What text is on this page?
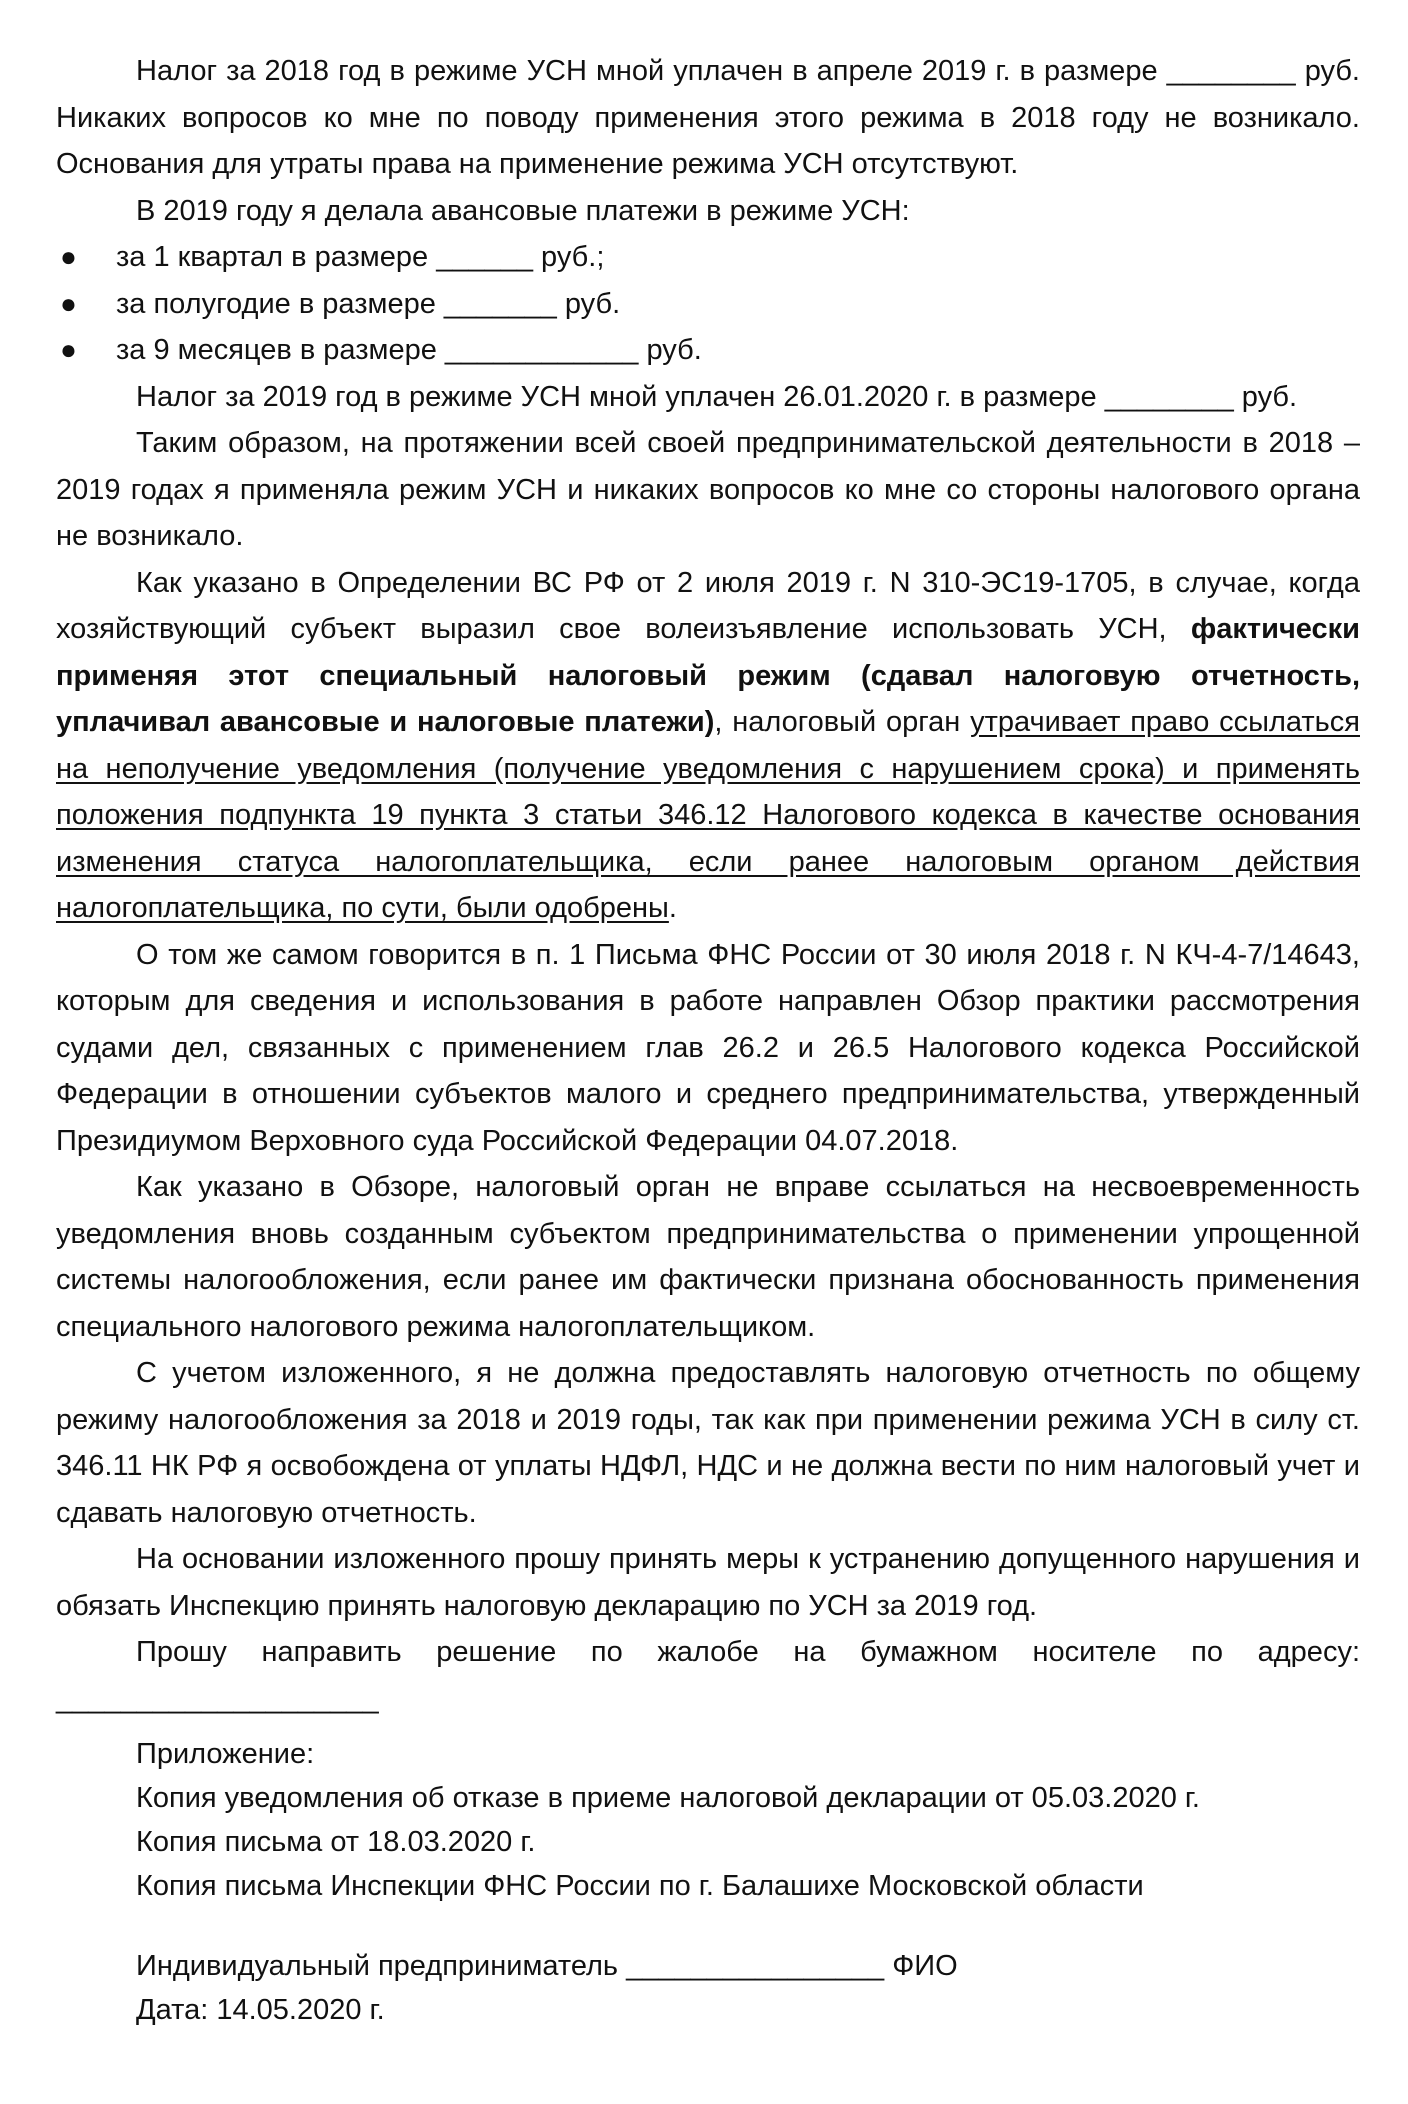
Налог за 2018 год в режиме УСН мной уплачен в апреле 2019 г. в размере ________ руб. Никаких вопросов ко мне по поводу применения этого режима в 2018 году не возникало. Основания для утраты права на применение режима УСН отсутствуют.

В 2019 году я делала авансовые платежи в режиме УСН:

● за 1 квартал в размере ______ руб.;
● за полугодие в размере _______ руб.
● за 9 месяцев в размере ____________ руб.

Налог за 2019 год в режиме УСН мной уплачен 26.01.2020 г. в размере ________ руб.

Таким образом, на протяжении всей своей предпринимательской деятельности в 2018 – 2019 годах я применяла режим УСН и никаких вопросов ко мне со стороны налогового органа не возникало.

Как указано в Определении ВС РФ от 2 июля 2019 г. N 310-ЭС19-1705, в случае, когда хозяйствующий субъект выразил свое волеизъявление использовать УСН, фактически применяя этот специальный налоговый режим (сдавал налоговую отчетность, уплачивал авансовые и налоговые платежи), налоговый орган утрачивает право ссылаться на неполучение уведомления (получение уведомления с нарушением срока) и применять положения подпункта 19 пункта 3 статьи 346.12 Налогового кодекса в качестве основания изменения статуса налогоплательщика, если ранее налоговым органом действия налогоплательщика, по сути, были одобрены.

О том же самом говорится в п. 1 Письма ФНС России от 30 июля 2018 г. N КЧ-4-7/14643, которым для сведения и использования в работе направлен Обзор практики рассмотрения судами дел, связанных с применением глав 26.2 и 26.5 Налогового кодекса Российской Федерации в отношении субъектов малого и среднего предпринимательства, утвержденный Президиумом Верховного суда Российской Федерации 04.07.2018.

Как указано в Обзоре, налоговый орган не вправе ссылаться на несвоевременность уведомления вновь созданным субъектом предпринимательства о применении упрощенной системы налогообложения, если ранее им фактически признана обоснованность применения специального налогового режима налогоплательщиком.

С учетом изложенного, я не должна предоставлять налоговую отчетность по общему режиму налогообложения за 2018 и 2019 годы, так как при применении режима УСН в силу ст. 346.11 НК РФ я освобождена от уплаты НДФЛ, НДС и не должна вести по ним налоговый учет и сдавать налоговую отчетность.

На основании изложенного прошу принять меры к устранению допущенного нарушения и обязать Инспекцию принять налоговую декларацию по УСН за 2019 год.

Прошу направить решение по жалобе на бумажном носителе по адресу: ____________________

Приложение:
Копия уведомления об отказе в приеме налоговой декларации от 05.03.2020 г.
Копия письма от 18.03.2020 г.
Копия письма Инспекции ФНС России по г. Балашихе Московской области
Индивидуальный предприниматель ________________ ФИО
Дата: 14.05.2020 г.
